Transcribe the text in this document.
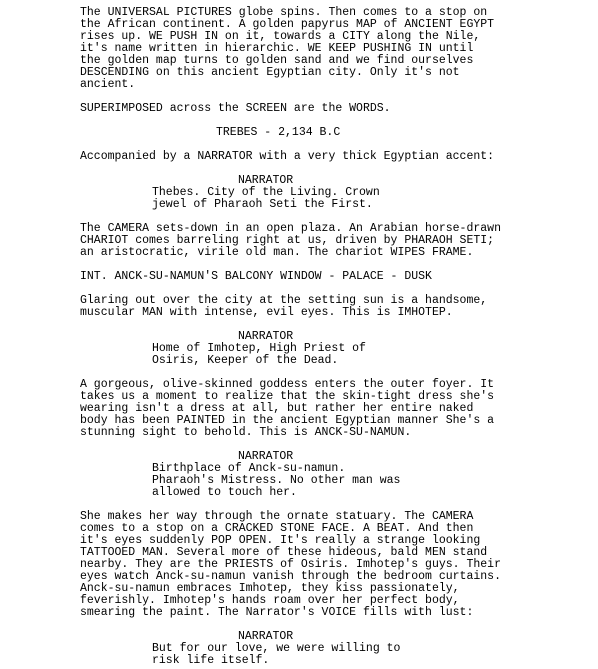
The UNIVERSAL PICTURES globe spins. Then comes to a stop on
the African continent. A golden papyrus MAP of ANCIENT EGYPT
rises up. WE PUSH IN on it, towards a CITY along the Nile,
it's name written in hierarchic. WE KEEP PUSHING IN until
the golden map turns to golden sand and we find ourselves
DESCENDING on this ancient Egyptian city. Only it's not
ancient.
SUPERIMPOSED across the SCREEN are the WORDS.
TREBES - 2,134 B.C
Accompanied by a NARRATOR with a very thick Egyptian accent:
NARRATOR
Thebes. City of the Living. Crown
jewel of Pharaoh Seti the First.
The CAMERA sets-down in an open plaza. An Arabian horse-drawn
CHARIOT comes barreling right at us, driven by PHARAOH SETI;
an aristocratic, virile old man. The chariot WIPES FRAME.
INT. ANCK-SU-NAMUN'S BALCONY WINDOW - PALACE - DUSK
Glaring out over the city at the setting sun is a handsome,
muscular MAN with intense, evil eyes. This is IMHOTEP.
NARRATOR
Home of Imhotep, High Priest of
Osiris, Keeper of the Dead.
A gorgeous, olive-skinned goddess enters the outer foyer. It
takes us a moment to realize that the skin-tight dress she's
wearing isn't a dress at all, but rather her entire naked
body has been PAINTED in the ancient Egyptian manner She's a
stunning sight to behold. This is ANCK-SU-NAMUN.
NARRATOR
Birthplace of Anck-su-namun.
Pharaoh's Mistress. No other man was
allowed to touch her.
She makes her way through the ornate statuary. The CAMERA
comes to a stop on a CRACKED STONE FACE. A BEAT. And then
it's eyes suddenly POP OPEN. It's really a strange looking
TATTOOED MAN. Several more of these hideous, bald MEN stand
nearby. They are the PRIESTS of Osiris. Imhotep's guys. Their
eyes watch Anck-su-namun vanish through the bedroom curtains.
Anck-su-namun embraces Imhotep, they kiss passionately,
feverishly. Imhotep's hands roam over her perfect body,
smearing the paint. The Narrator's VOICE fills with lust:
NARRATOR
But for our love, we were willing to
risk life itself.
